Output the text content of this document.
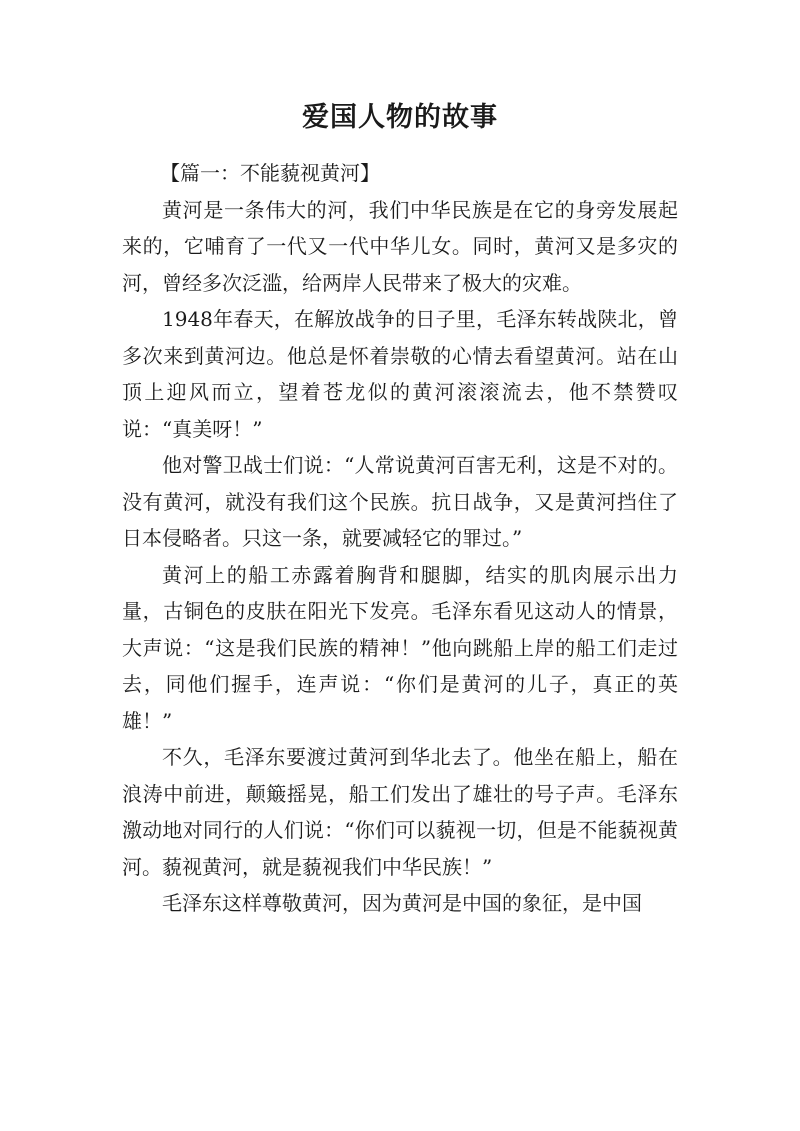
爱国人物的故事

【篇一：不能藐视黄河】

黄河是一条伟大的河，我们中华民族是在它的身旁发展起来的，它哺育了一代又一代中华儿女。同时，黄河又是多灾的河，曾经多次泛滥，给两岸人民带来了极大的灾难。

1948年春天，在解放战争的日子里，毛泽东转战陕北，曾多次来到黄河边。他总是怀着崇敬的心情去看望黄河。站在山顶上迎风而立，望着苍龙似的黄河滚滚流去，他不禁赞叹说：“真美呀！”

他对警卫战士们说：“人常说黄河百害无利，这是不对的。没有黄河，就没有我们这个民族。抗日战争，又是黄河挡住了日本侵略者。只这一条，就要减轻它的罪过。”

黄河上的船工赤露着胸背和腿脚，结实的肌肉展示出力量，古铜色的皮肤在阳光下发亮。毛泽东看见这动人的情景，大声说：“这是我们民族的精神！”他向跳船上岸的船工们走过去，同他们握手，连声说：“你们是黄河的儿子，真正的英雄！”

不久，毛泽东要渡过黄河到华北去了。他坐在船上，船在浪涛中前进，颠簸摇晃，船工们发出了雄壮的号子声。毛泽东激动地对同行的人们说：“你们可以藐视一切，但是不能藐视黄河。藐视黄河，就是藐视我们中华民族！”

毛泽东这样尊敬黄河，因为黄河是中国的象征，是中国
